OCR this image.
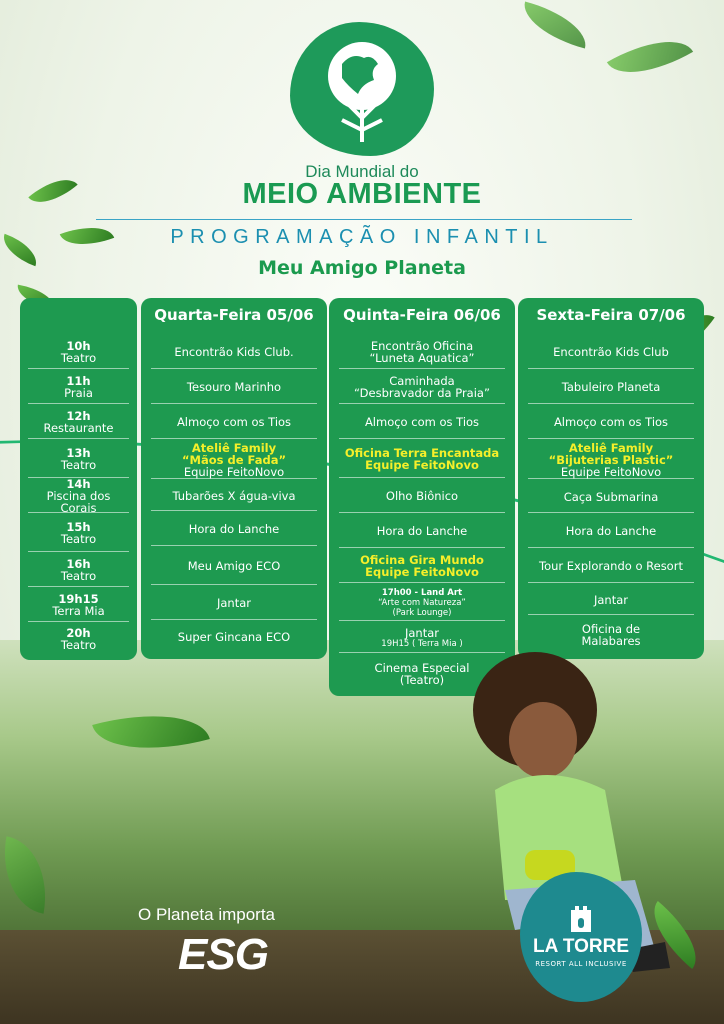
Dia Mundial do
MEIO AMBIENTE
PROGRAMAÇÃO INFANTIL
Meu Amigo Planeta
10h
Teatro
11h
Praia
12h
Restaurante
13h
Teatro
14h
Piscina dos Corais
15h
Teatro
16h
Teatro
19h15
Terra Mia
20h
Teatro
Quarta-Feira 05/06
Encontrão Kids Club.
Tesouro Marinho
Almoço com os Tios
Ateliê Family
“Mãos de Fada”
Equipe FeitoNovo
Tubarões X água-viva
Hora do Lanche
Meu Amigo ECO
Jantar
Super Gincana ECO
Quinta-Feira 06/06
Encontrão Oficina
“Luneta Aquatica”
Caminhada
“Desbravador da Praia”
Almoço com os Tios
Oficina Terra Encantada
Equipe FeitoNovo
Olho Biônico
Hora do Lanche
Oficina Gira Mundo
Equipe FeitoNovo
17h00 - Land Art
“Arte com Natureza”
(Park Lounge)
Jantar
19H15 ( Terra Mia )
Cinema Especial
(Teatro)
Sexta-Feira 07/06
Encontrão Kids Club
Tabuleiro Planeta
Almoço com os Tios
Ateliê Family
“Bijuterias Plastic”
Equipe FeitoNovo
Caça Submarina
Hora do Lanche
Tour Explorando o Resort
Jantar
Oficina de
Malabares
O Planeta importa
ESG	LA TORRE
RESORT ALL INCLUSIVE
